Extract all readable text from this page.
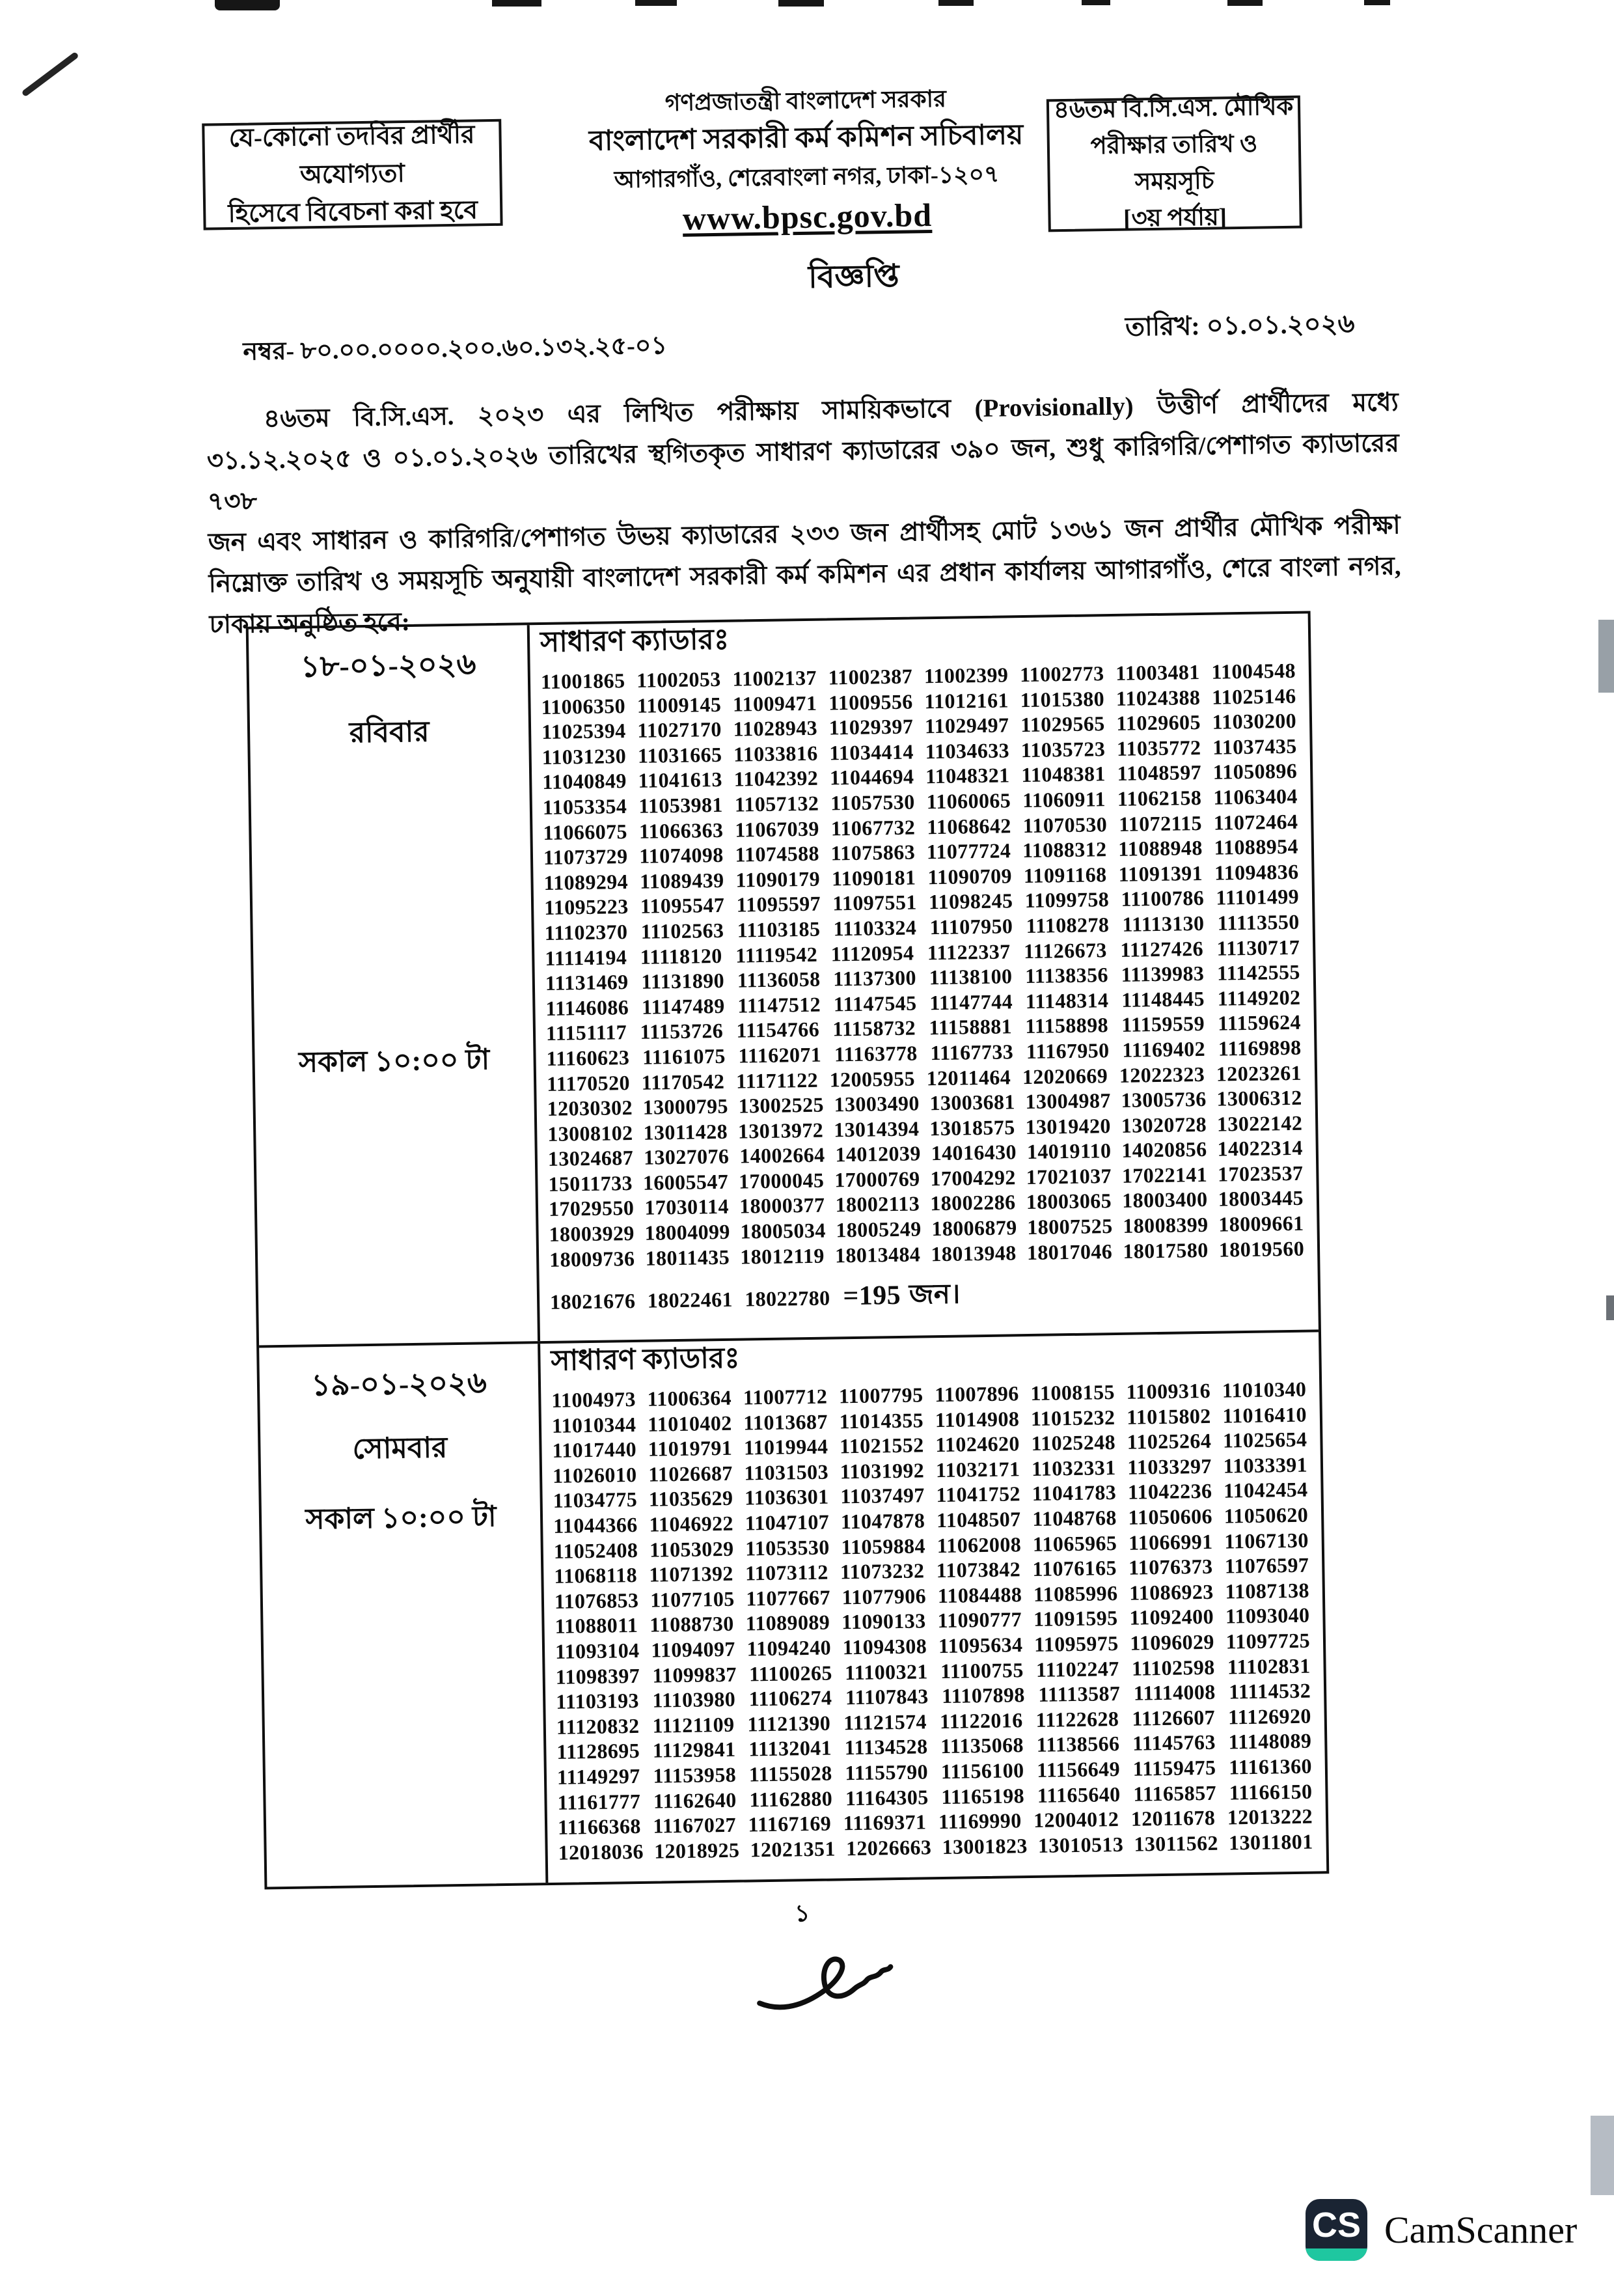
যে-কোনো তদবির প্রার্থীর অযোগ্যতা
হিসেবে বিবেচনা করা হবে
গণপ্রজাতন্ত্রী বাংলাদেশ সরকার
বাংলাদেশ সরকারী কর্ম কমিশন সচিবালয়
আগারগাঁও, শেরেবাংলা নগর, ঢাকা-১২০৭
www.bpsc.gov.bd
৪৬তম বি.সি.এস. মৌখিক
পরীক্ষার তারিখ ও সময়সূচি
[৩য় পর্যায়]
বিজ্ঞপ্তি
নম্বর- ৮০.০০.০০০০.২০০.৬০.১৩২.২৫-০১
তারিখ: ০১.০১.২০২৬
৪৬তম বি.সি.এস. ২০২৩ এর লিখিত পরীক্ষায় সাময়িকভাবে (Provisionally) উত্তীর্ণ প্রার্থীদের মধ্যে
৩১.১২.২০২৫ ও ০১.০১.২০২৬ তারিখের স্থগিতকৃত সাধারণ ক্যাডারের ৩৯০ জন, শুধু কারিগরি/পেশাগত ক্যাডারের ৭৩৮
জন এবং সাধারন ও কারিগরি/পেশাগত উভয় ক্যাডারের ২৩৩ জন প্রার্থীসহ মোট ১৩৬১ জন প্রার্থীর মৌখিক পরীক্ষা
নিম্নোক্ত তারিখ ও সময়সূচি অনুযায়ী বাংলাদেশ সরকারী কর্ম কমিশন এর প্রধান কার্যালয় আগারগাঁও, শেরে বাংলা নগর,
ঢাকায় অনুষ্ঠিত হবে:
১৮-০১-২০২৬
রবিবার
সকাল ১০:০০ টা
সাধারণ ক্যাডারঃ
11001865 11002053 11002137 11002387 11002399 11002773 11003481 11004548
11006350 11009145 11009471 11009556 11012161 11015380 11024388 11025146
11025394 11027170 11028943 11029397 11029497 11029565 11029605 11030200
11031230 11031665 11033816 11034414 11034633 11035723 11035772 11037435
11040849 11041613 11042392 11044694 11048321 11048381 11048597 11050896
11053354 11053981 11057132 11057530 11060065 11060911 11062158 11063404
11066075 11066363 11067039 11067732 11068642 11070530 11072115 11072464
11073729 11074098 11074588 11075863 11077724 11088312 11088948 11088954
11089294 11089439 11090179 11090181 11090709 11091168 11091391 11094836
11095223 11095547 11095597 11097551 11098245 11099758 11100786 11101499
11102370 11102563 11103185 11103324 11107950 11108278 11113130 11113550
11114194 11118120 11119542 11120954 11122337 11126673 11127426 11130717
11131469 11131890 11136058 11137300 11138100 11138356 11139983 11142555
11146086 11147489 11147512 11147545 11147744 11148314 11148445 11149202
11151117 11153726 11154766 11158732 11158881 11158898 11159559 11159624
11160623 11161075 11162071 11163778 11167733 11167950 11169402 11169898
11170520 11170542 11171122 12005955 12011464 12020669 12022323 12023261
12030302 13000795 13002525 13003490 13003681 13004987 13005736 13006312
13008102 13011428 13013972 13014394 13018575 13019420 13020728 13022142
13024687 13027076 14002664 14012039 14016430 14019110 14020856 14022314
15011733 16005547 17000045 17000769 17004292 17021037 17022141 17023537
17029550 17030114 18000377 18002113 18002286 18003065 18003400 18003445
18003929 18004099 18005034 18005249 18006879 18007525 18008399 18009661
18009736 18011435 18012119 18013484 18013948 18017046 18017580 18019560
18021676 18022461 18022780 =195 জন।
১৯-০১-২০২৬
সোমবার
সকাল ১০:০০ টা
সাধারণ ক্যাডারঃ
11004973 11006364 11007712 11007795 11007896 11008155 11009316 11010340
11010344 11010402 11013687 11014355 11014908 11015232 11015802 11016410
11017440 11019791 11019944 11021552 11024620 11025248 11025264 11025654
11026010 11026687 11031503 11031992 11032171 11032331 11033297 11033391
11034775 11035629 11036301 11037497 11041752 11041783 11042236 11042454
11044366 11046922 11047107 11047878 11048507 11048768 11050606 11050620
11052408 11053029 11053530 11059884 11062008 11065965 11066991 11067130
11068118 11071392 11073112 11073232 11073842 11076165 11076373 11076597
11076853 11077105 11077667 11077906 11084488 11085996 11086923 11087138
11088011 11088730 11089089 11090133 11090777 11091595 11092400 11093040
11093104 11094097 11094240 11094308 11095634 11095975 11096029 11097725
11098397 11099837 11100265 11100321 11100755 11102247 11102598 11102831
11103193 11103980 11106274 11107843 11107898 11113587 11114008 11114532
11120832 11121109 11121390 11121574 11122016 11122628 11126607 11126920
11128695 11129841 11132041 11134528 11135068 11138566 11145763 11148089
11149297 11153958 11155028 11155790 11156100 11156649 11159475 11161360
11161777 11162640 11162880 11164305 11165198 11165640 11165857 11166150
11166368 11167027 11167169 11169371 11169990 12004012 12011678 12013222
12018036 12018925 12021351 12026663 13001823 13010513 13011562 13011801
১
CS CamScanner
